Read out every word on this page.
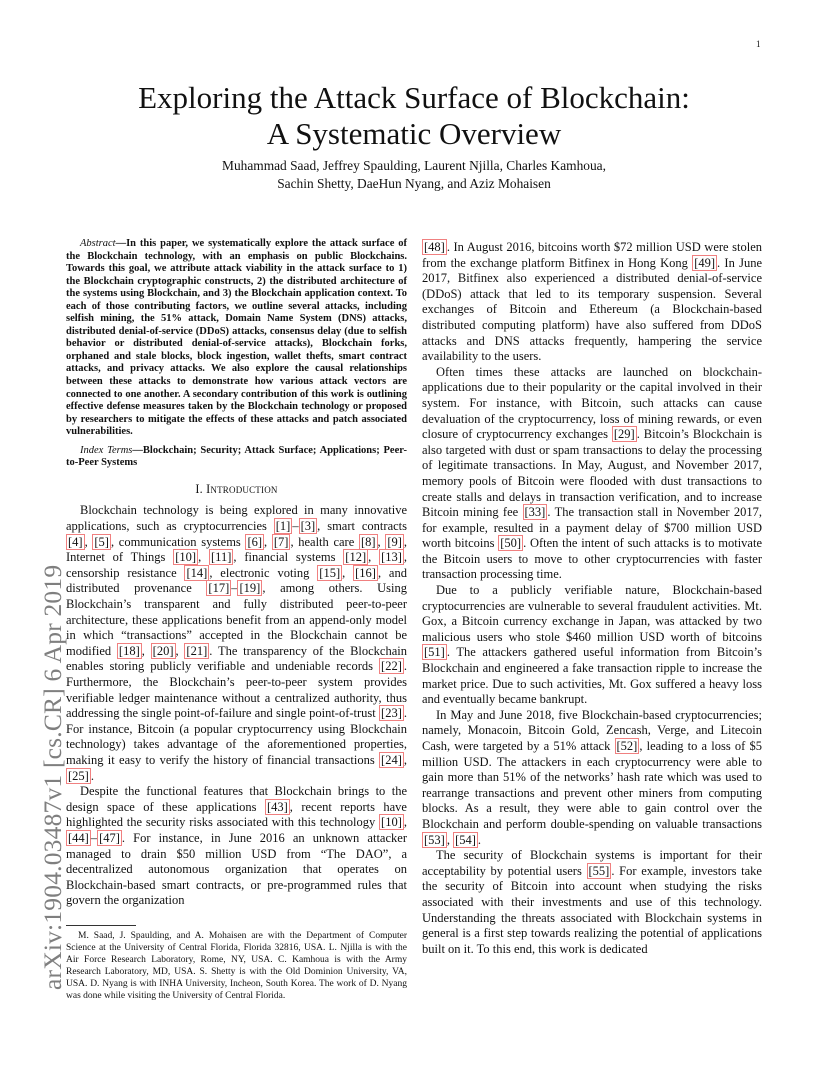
1
arXiv:1904.03487v1 [cs.CR] 6 Apr 2019
Exploring the Attack Surface of Blockchain:
A Systematic Overview
Muhammad Saad, Jeffrey Spaulding, Laurent Njilla, Charles Kamhoua,
Sachin Shetty, DaeHun Nyang, and Aziz Mohaisen

Abstract—In this paper, we systematically explore the attack surface of the Blockchain technology, with an emphasis on public Blockchains. Towards this goal, we attribute attack viability in the attack surface to 1) the Blockchain cryptographic constructs, 2) the distributed architecture of the systems using Blockchain, and 3) the Blockchain application context. To each of those contributing factors, we outline several attacks, including selfish mining, the 51% attack, Domain Name System (DNS) attacks, distributed denial-of-service (DDoS) attacks, consensus delay (due to selfish behavior or distributed denial-of-service attacks), Blockchain forks, orphaned and stale blocks, block ingestion, wallet thefts, smart contract attacks, and privacy attacks. We also explore the causal relationships between these attacks to demonstrate how various attack vectors are connected to one another. A secondary contribution of this work is outlining effective defense measures taken by the Blockchain technology or proposed by researchers to mitigate the effects of these attacks and patch associated vulnerabilities.

Index Terms—Blockchain; Security; Attack Surface; Applications; Peer-to-Peer Systems

I. Introduction

Blockchain technology is being explored in many innovative applications, such as cryptocurrencies [1] – [3] , smart contracts [4] , [5] , communication systems [6] , [7] , health care [8] , [9] , Internet of Things [10] , [11] , financial systems [12] , [13] , censorship resistance [14] , electronic voting [15] , [16] , and distributed provenance [17] – [19] , among others. Using Blockchain’s transparent and fully distributed peer-to-peer architecture, these applications benefit from an append-only model in which “transactions” accepted in the Blockchain cannot be modified [18] , [20] , [21] . The transparency of the Blockchain enables storing publicly verifiable and undeniable records [22] . Furthermore, the Blockchain’s peer-to-peer system provides verifiable ledger maintenance without a centralized authority, thus addressing the single point-of-failure and single point-of-trust [23] . For instance, Bitcoin (a popular cryptocurrency using Blockchain technology) takes advantage of the aforementioned properties, making it easy to verify the history of financial transactions [24] , [25] .

Despite the functional features that Blockchain brings to the design space of these applications [43] , recent reports have highlighted the security risks associated with this technology [10] , [44] – [47] . For instance, in June 2016 an unknown attacker managed to drain $50 million USD from “The DAO”, a decentralized autonomous organization that operates on Blockchain-based smart contracts, or pre-programmed rules that govern the organization

M. Saad, J. Spaulding, and A. Mohaisen are with the Department of Computer Science at the University of Central Florida, Florida 32816, USA. L. Njilla is with the Air Force Research Laboratory, Rome, NY, USA. C. Kamhoua is with the Army Research Laboratory, MD, USA. S. Shetty is with the Old Dominion University, VA, USA. D. Nyang is with INHA University, Incheon, South Korea. The work of D. Nyang was done while visiting the University of Central Florida.

[48] . In August 2016, bitcoins worth $72 million USD were stolen from the exchange platform Bitfinex in Hong Kong [49] . In June 2017, Bitfinex also experienced a distributed denial-of-service (DDoS) attack that led to its temporary suspension. Several exchanges of Bitcoin and Ethereum (a Blockchain-based distributed computing platform) have also suffered from DDoS attacks and DNS attacks frequently, hampering the service availability to the users.

Often times these attacks are launched on blockchain-applications due to their popularity or the capital involved in their system. For instance, with Bitcoin, such attacks can cause devaluation of the cryptocurrency, loss of mining rewards, or even closure of cryptocurrency exchanges [29] . Bitcoin’s Blockchain is also targeted with dust or spam transactions to delay the processing of legitimate transactions. In May, August, and November 2017, memory pools of Bitcoin were flooded with dust transactions to create stalls and delays in transaction verification, and to increase Bitcoin mining fee [33] . The transaction stall in November 2017, for example, resulted in a payment delay of $700 million USD worth bitcoins [50] . Often the intent of such attacks is to motivate the Bitcoin users to move to other cryptocurrencies with faster transaction processing time.

Due to a publicly verifiable nature, Blockchain-based cryptocurrencies are vulnerable to several fraudulent activities. Mt. Gox, a Bitcoin currency exchange in Japan, was attacked by two malicious users who stole $460 million USD worth of bitcoins [51] . The attackers gathered useful information from Bitcoin’s Blockchain and engineered a fake transaction ripple to increase the market price. Due to such activities, Mt. Gox suffered a heavy loss and eventually became bankrupt.

In May and June 2018, five Blockchain-based cryptocurrencies; namely, Monacoin, Bitcoin Gold, Zencash, Verge, and Litecoin Cash, were targeted by a 51% attack [52] , leading to a loss of $5 million USD. The attackers in each cryptocurrency were able to gain more than 51% of the networks’ hash rate which was used to rearrange transactions and prevent other miners from computing blocks. As a result, they were able to gain control over the Blockchain and perform double-spending on valuable transactions [53] , [54] .

The security of Blockchain systems is important for their acceptability by potential users [55] . For example, investors take the security of Bitcoin into account when studying the risks associated with their investments and use of this technology. Understanding the threats associated with Blockchain systems in general is a first step towards realizing the potential of applications built on it. To this end, this work is dedicated
